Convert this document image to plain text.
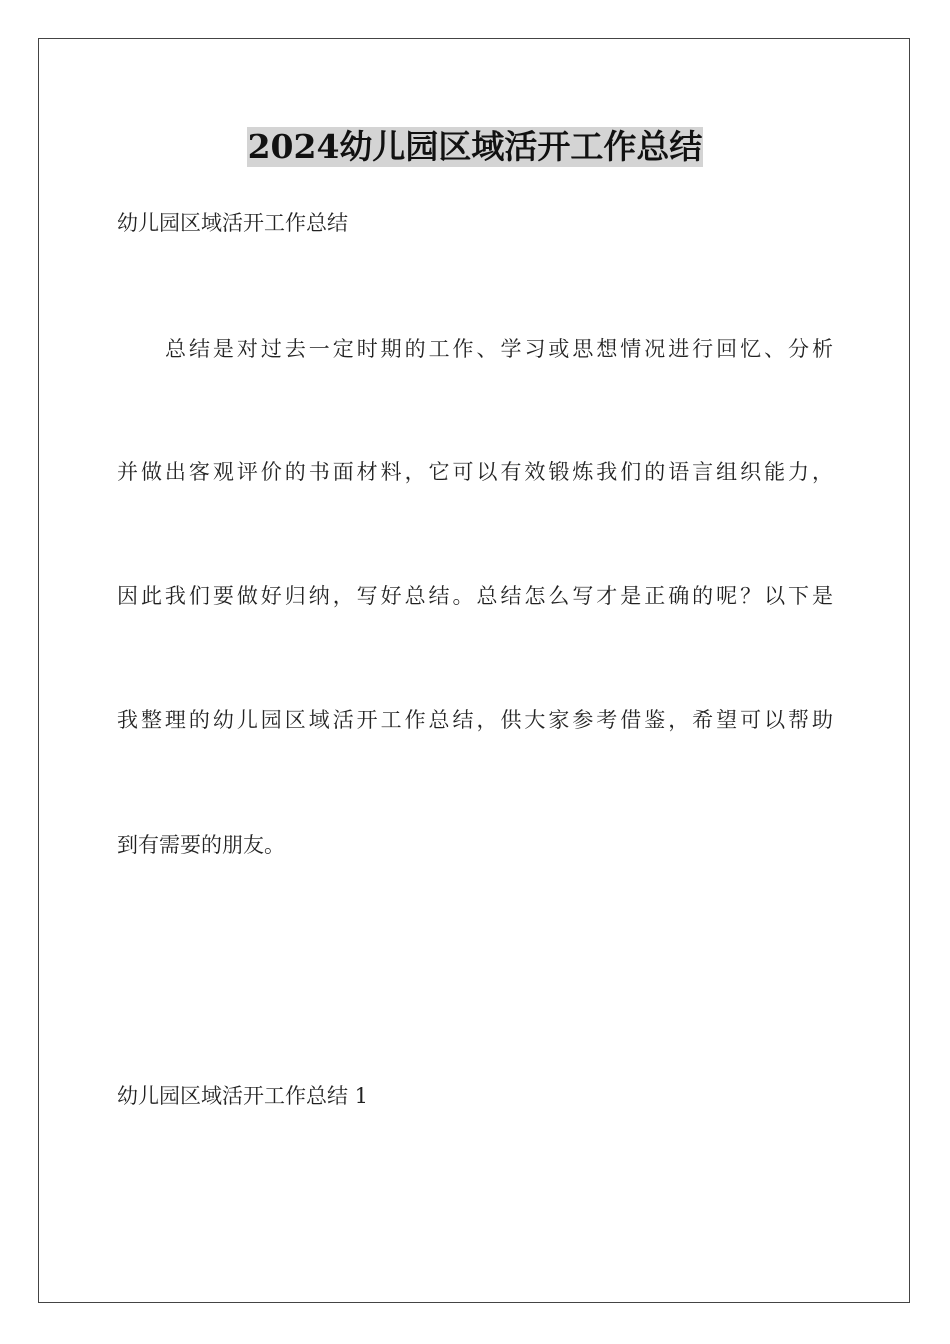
2024幼儿园区域活开工作总结
幼儿园区域活开工作总结
总结是对过去一定时期的工作、学习或思想情况进行回忆、分析
并做出客观评价的书面材料，它可以有效锻炼我们的语言组织能力，
因此我们要做好归纳，写好总结。总结怎么写才是正确的呢？以下是
我整理的幼儿园区域活开工作总结，供大家参考借鉴，希望可以帮助
到有需要的朋友。
幼儿园区域活开工作总结 1
